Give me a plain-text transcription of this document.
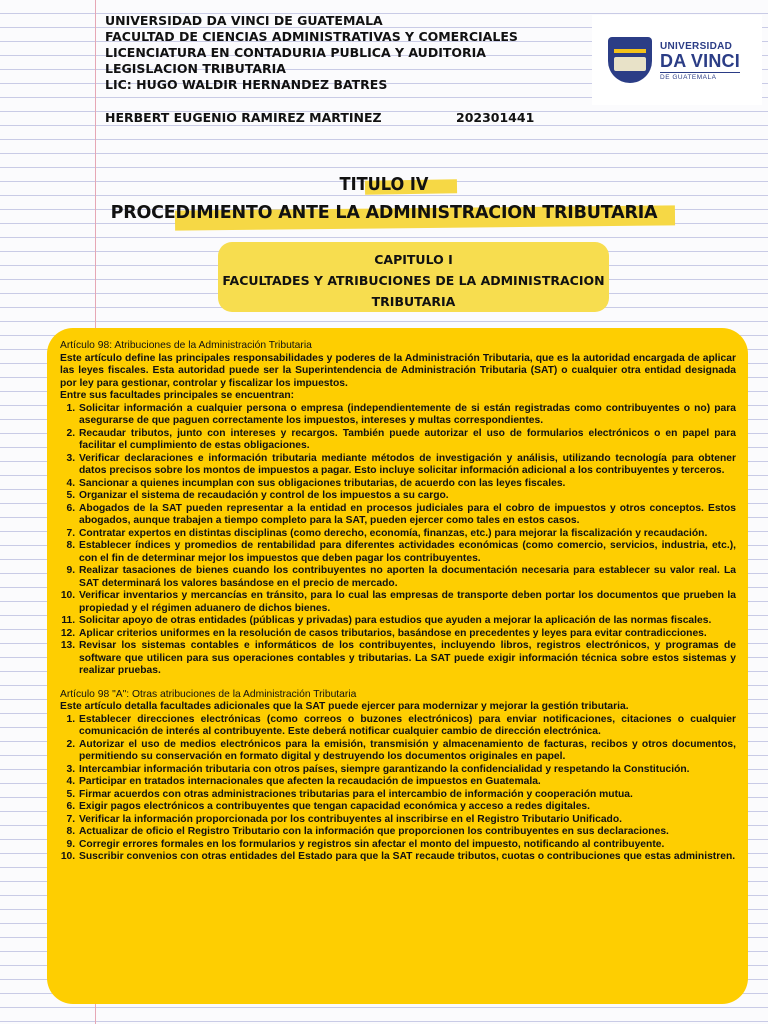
UNIVERSIDAD DA VINCI DE GUATEMALA
FACULTAD DE CIENCIAS ADMINISTRATIVAS Y COMERCIALES
LICENCIATURA EN CONTADURIA PUBLICA Y AUDITORIA
LEGISLACION TRIBUTARIA
LIC: HUGO WALDIR HERNANDEZ BATRES
HERBERT EUGENIO RAMIREZ MARTINEZ	202301441
UNIVERSIDAD
DA VINCI
DE GUATEMALA
TITULO IV
PROCEDIMIENTO ANTE LA ADMINISTRACION TRIBUTARIA
CAPITULO I
FACULTADES Y ATRIBUCIONES DE LA ADMINISTRACION
TRIBUTARIA
Artículo 98: Atribuciones de la Administración Tributaria
Este artículo define las principales responsabilidades y poderes de la Administración Tributaria, que es la autoridad encargada de aplicar las leyes fiscales. Esta autoridad puede ser la Superintendencia de Administración Tributaria (SAT) o cualquier otra entidad designada por ley para gestionar, controlar y fiscalizar los impuestos.
Entre sus facultades principales se encuentran:
1. Solicitar información a cualquier persona o empresa (independientemente de si están registradas como contribuyentes o no) para asegurarse de que paguen correctamente los impuestos, intereses y multas correspondientes.
2. Recaudar tributos, junto con intereses y recargos. También puede autorizar el uso de formularios electrónicos o en papel para facilitar el cumplimiento de estas obligaciones.
3. Verificar declaraciones e información tributaria mediante métodos de investigación y análisis, utilizando tecnología para obtener datos precisos sobre los montos de impuestos a pagar. Esto incluye solicitar información adicional a los contribuyentes y terceros.
4. Sancionar a quienes incumplan con sus obligaciones tributarias, de acuerdo con las leyes fiscales.
5. Organizar el sistema de recaudación y control de los impuestos a su cargo.
6. Abogados de la SAT pueden representar a la entidad en procesos judiciales para el cobro de impuestos y otros conceptos. Estos abogados, aunque trabajen a tiempo completo para la SAT, pueden ejercer como tales en estos casos.
7. Contratar expertos en distintas disciplinas (como derecho, economía, finanzas, etc.) para mejorar la fiscalización y recaudación.
8. Establecer índices y promedios de rentabilidad para diferentes actividades económicas (como comercio, servicios, industria, etc.), con el fin de determinar mejor los impuestos que deben pagar los contribuyentes.
9. Realizar tasaciones de bienes cuando los contribuyentes no aporten la documentación necesaria para establecer su valor real. La SAT determinará los valores basándose en el precio de mercado.
10. Verificar inventarios y mercancías en tránsito, para lo cual las empresas de transporte deben portar los documentos que prueben la propiedad y el régimen aduanero de dichos bienes.
11. Solicitar apoyo de otras entidades (públicas y privadas) para estudios que ayuden a mejorar la aplicación de las normas fiscales.
12. Aplicar criterios uniformes en la resolución de casos tributarios, basándose en precedentes y leyes para evitar contradicciones.
13. Revisar los sistemas contables e informáticos de los contribuyentes, incluyendo libros, registros electrónicos, y programas de software que utilicen para sus operaciones contables y tributarias. La SAT puede exigir información técnica sobre estos sistemas y realizar pruebas.
Artículo 98 "A": Otras atribuciones de la Administración Tributaria
Este artículo detalla facultades adicionales que la SAT puede ejercer para modernizar y mejorar la gestión tributaria.
1. Establecer direcciones electrónicas (como correos o buzones electrónicos) para enviar notificaciones, citaciones o cualquier comunicación de interés al contribuyente. Este deberá notificar cualquier cambio de dirección electrónica.
2. Autorizar el uso de medios electrónicos para la emisión, transmisión y almacenamiento de facturas, recibos y otros documentos, permitiendo su conservación en formato digital y destruyendo los documentos originales en papel.
3. Intercambiar información tributaria con otros países, siempre garantizando la confidencialidad y respetando la Constitución.
4. Participar en tratados internacionales que afecten la recaudación de impuestos en Guatemala.
5. Firmar acuerdos con otras administraciones tributarias para el intercambio de información y cooperación mutua.
6. Exigir pagos electrónicos a contribuyentes que tengan capacidad económica y acceso a redes digitales.
7. Verificar la información proporcionada por los contribuyentes al inscribirse en el Registro Tributario Unificado.
8. Actualizar de oficio el Registro Tributario con la información que proporcionen los contribuyentes en sus declaraciones.
9. Corregir errores formales en los formularios y registros sin afectar el monto del impuesto, notificando al contribuyente.
10. Suscribir convenios con otras entidades del Estado para que la SAT recaude tributos, cuotas o contribuciones que estas administren.
